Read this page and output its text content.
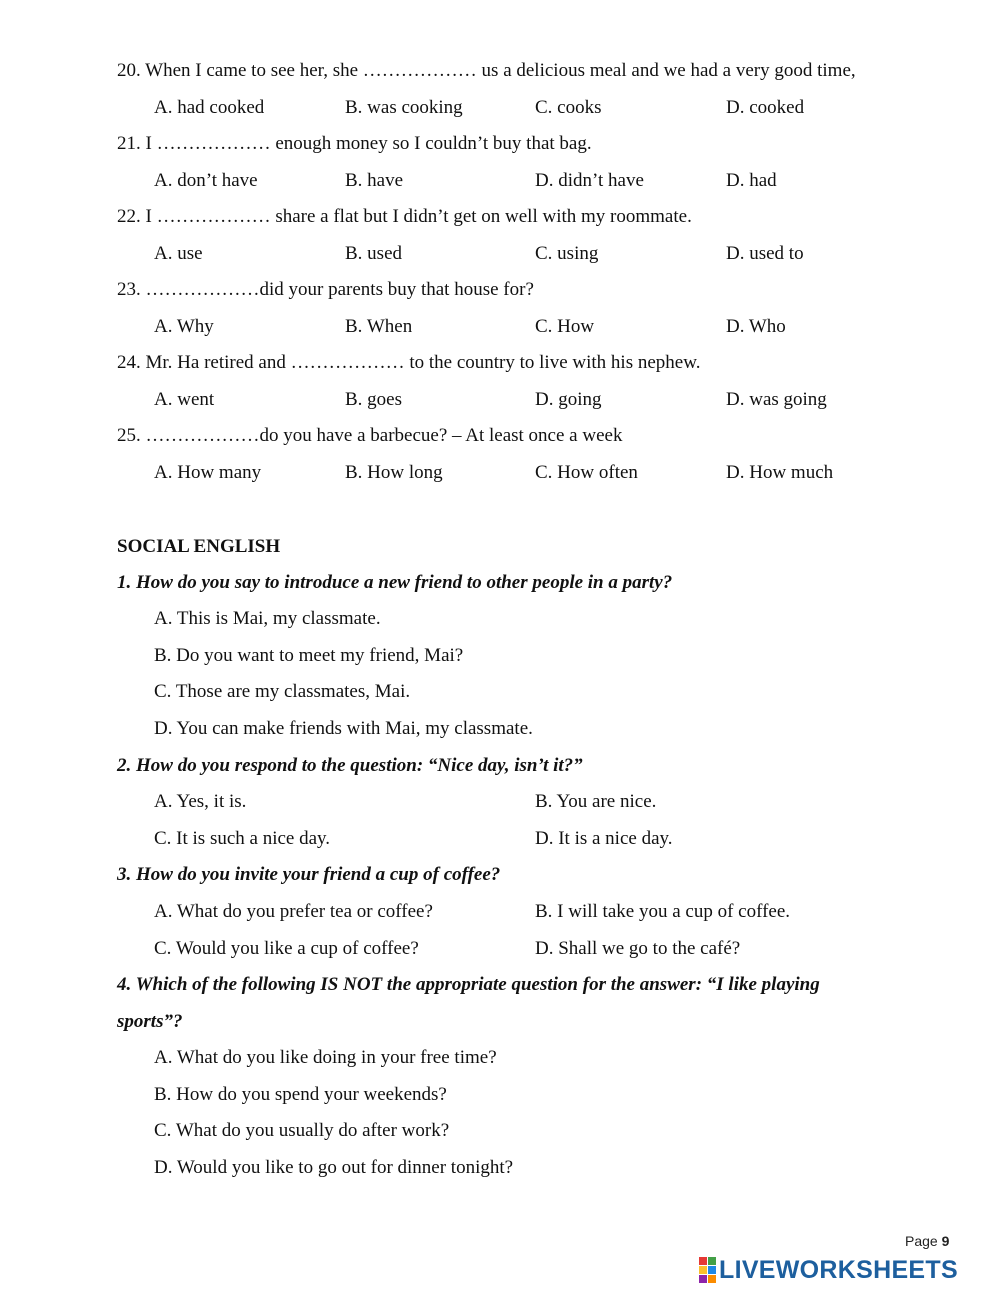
20. When I came to see her, she ……………… us a delicious meal and we had a very good time,
A. had cooked	B. was cooking	C. cooks	D. cooked
21. I ……………… enough money so I couldn’t buy that bag.
A. don’t have	B. have	D. didn’t have	D. had
22. I ……………… share a flat but I didn’t get on well with my roommate.
A. use	B. used	C. using	D. used to
23. ………………did your parents buy that house for?
A. Why	B. When	C. How	D. Who
24. Mr. Ha retired and ……………… to the country to live with his nephew.
A. went	B. goes	D. going	D. was going
25. ………………do you have a barbecue? – At least once a week
A. How many	B. How long	C. How often	D. How much
SOCIAL ENGLISH
1. How do you say to introduce a new friend to other people in a party?
A. This is Mai, my classmate.
B. Do you want to meet my friend, Mai?
C. Those are my classmates, Mai.
D. You can make friends with Mai, my classmate.
2. How do you respond to the question: “Nice day, isn’t it?”
A. Yes, it is.	B. You are nice.
C. It is such a nice day.	D. It is a nice day.
3. How do you invite your friend a cup of coffee?
A. What do you prefer tea or coffee?	B. I will take you a cup of coffee.
C. Would you like a cup of coffee?	D. Shall we go to the café?
4. Which of the following IS NOT the appropriate question for the answer: “I like playing
sports”?
A. What do you like doing in your free time?
B. How do you spend your weekends?
C. What do you usually do after work?
D. Would you like to go out for dinner tonight?
Page 9
LIVEWORKSHEETS
